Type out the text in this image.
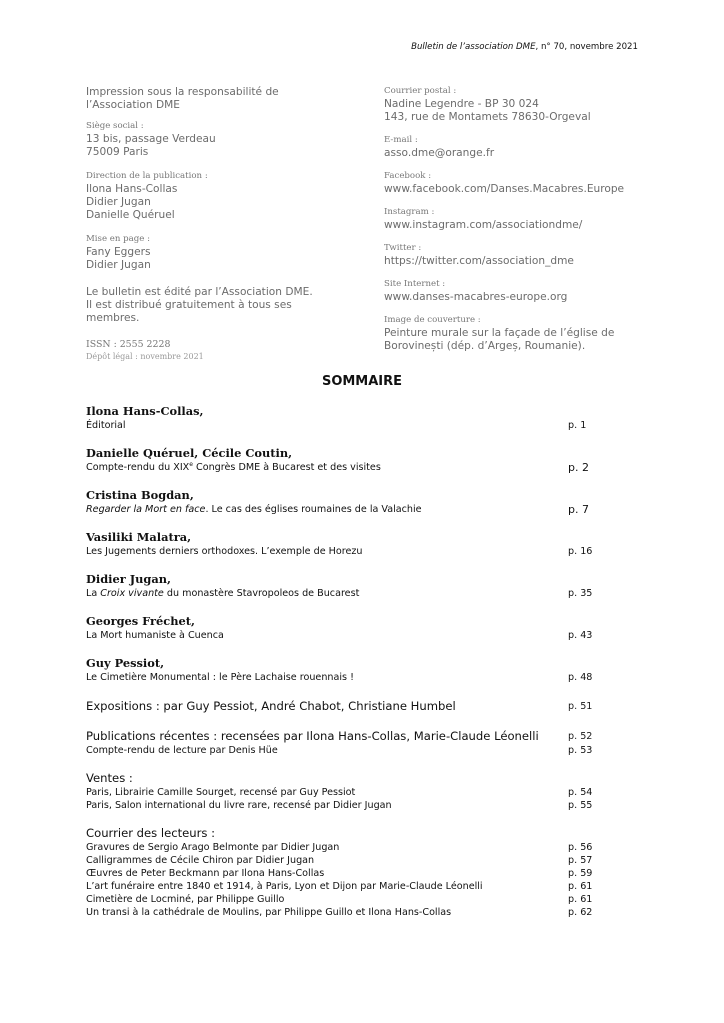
Bulletin de l’association DME, n° 70, novembre 2021
Impression sous la responsabilité de
l’Association DME
Siège social :
13 bis, passage Verdeau
75009 Paris
Direction de la publication :
Ilona Hans-Collas
Didier Jugan
Danielle Quéruel
Mise en page :
Fany Eggers
Didier Jugan
Le bulletin est édité par l’Association DME.
Il est distribué gratuitement à tous ses
membres.
ISSN : 2555 2228
Dépôt légal : novembre 2021
Courrier postal :
Nadine Legendre - BP 30 024
143, rue de Montamets 78630-Orgeval
E-mail :
asso.dme@orange.fr
Facebook :
www.facebook.com/Danses.Macabres.Europe
Instagram :
www.instagram.com/associationdme/
Twitter :
https://twitter.com/association_dme
Site Internet :
www.danses-macabres-europe.org
Image de couverture :
Peinture murale sur la façade de l’église de
Borovinești (dép. d’Argeș, Roumanie).
SOMMAIRE
Ilona Hans-Collas,
Éditorial	p. 1
Danielle Quéruel, Cécile Coutin,
Compte-rendu du XIXe Congrès DME à Bucarest et des visites	p. 2
Cristina Bogdan,
Regarder la Mort en face. Le cas des églises roumaines de la Valachie	p. 7
Vasiliki Malatra,
Les Jugements derniers orthodoxes. L’exemple de Horezu	p. 16
Didier Jugan,
La Croix vivante du monastère Stavropoleos de Bucarest	p. 35
Georges Fréchet,
La Mort humaniste à Cuenca	p. 43
Guy Pessiot,
Le Cimetière Monumental : le Père Lachaise rouennais !	p. 48
Expositions : par Guy Pessiot, André Chabot, Christiane Humbel	p. 51
Publications récentes : recensées par Ilona Hans-Collas, Marie-Claude Léonelli	p. 52
Compte-rendu de lecture par Denis Hüe	p. 53
Ventes :
Paris, Librairie Camille Sourget, recensé par Guy Pessiot	p. 54
Paris, Salon international du livre rare, recensé par Didier Jugan	p. 55
Courrier des lecteurs :
Gravures de Sergio Arago Belmonte par Didier Jugan	p. 56
Calligrammes de Cécile Chiron par Didier Jugan	p. 57
Œuvres de Peter Beckmann par Ilona Hans-Collas	p. 59
L’art funéraire entre 1840 et 1914, à Paris, Lyon et Dijon par Marie-Claude Léonelli	p. 61
Cimetière de Locminé, par Philippe Guillo	p. 61
Un transi à la cathédrale de Moulins, par Philippe Guillo et Ilona Hans-Collas	p. 62
